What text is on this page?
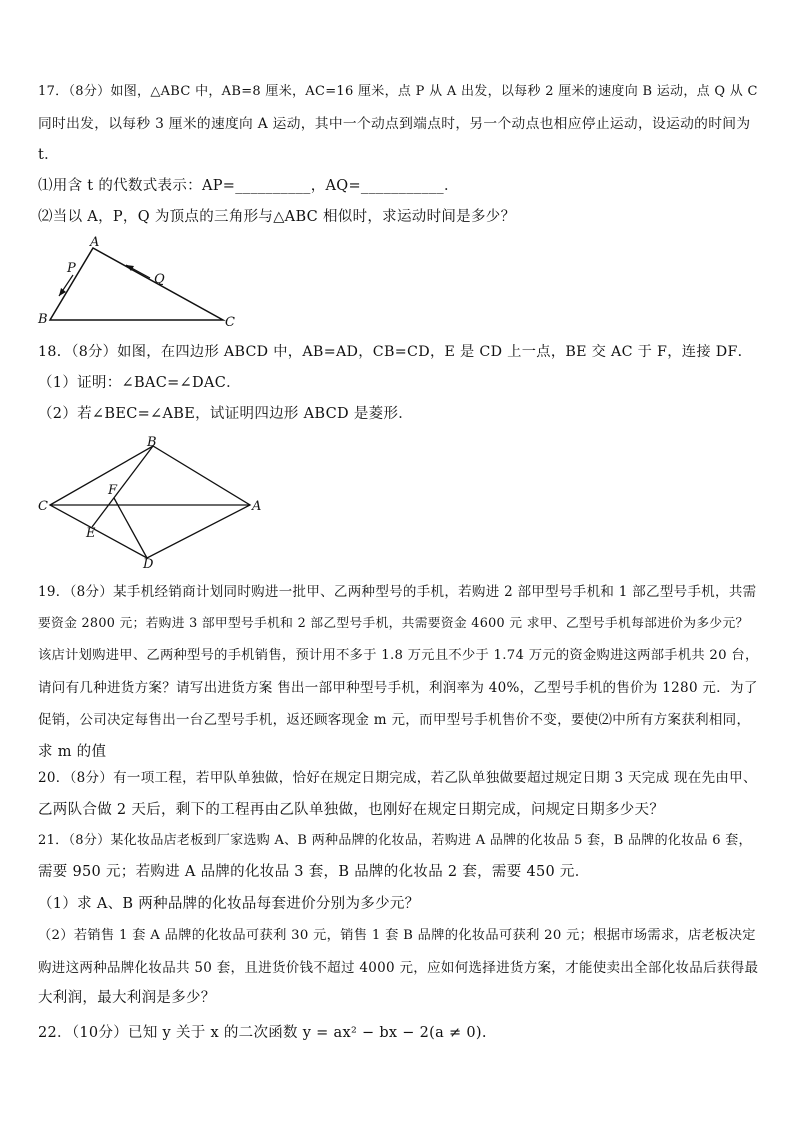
17．（8分）如图，△ABC 中，AB=8 厘米，AC=16 厘米，点 P 从 A 出发，以每秒 2 厘米的速度向 B 运动，点 Q 从 C
同时出发，以每秒 3 厘米的速度向 A 运动，其中一个动点到端点时，另一个动点也相应停止运动，设运动的时间为
t．
⑴用含 t 的代数式表示：AP=__________，AQ=___________．
⑵当以 A，P，Q 为顶点的三角形与△ABC 相似时，求运动时间是多少？
A
B	C
P
Q
18．（8分）如图，在四边形 ABCD 中，AB=AD，CB=CD，E 是 CD 上一点，BE 交 AC 于 F，连接 DF．
（1）证明：∠BAC=∠DAC．
（2）若∠BEC=∠ABE，试证明四边形 ABCD 是菱形．
B
C	A
F
E
D
19．（8分）某手机经销商计划同时购进一批甲、乙两种型号的手机，若购进 2 部甲型号手机和 1 部乙型号手机，共需
要资金 2800 元；若购进 3 部甲型号手机和 2 部乙型号手机，共需要资金 4600 元 求甲、乙型号手机每部进价为多少元？
该店计划购进甲、乙两种型号的手机销售，预计用不多于 1.8 万元且不少于 1.74 万元的资金购进这两部手机共 20 台，
请问有几种进货方案？请写出进货方案 售出一部甲种型号手机，利润率为 40%，乙型号手机的售价为 1280 元．为了
促销，公司决定每售出一台乙型号手机，返还顾客现金 m 元，而甲型号手机售价不变，要使⑵中所有方案获利相同，
求 m 的值
20．（8分）有一项工程，若甲队单独做，恰好在规定日期完成，若乙队单独做要超过规定日期 3 天完成 现在先由甲、
乙两队合做 2 天后，剩下的工程再由乙队单独做，也刚好在规定日期完成，问规定日期多少天？
21．（8分）某化妆品店老板到厂家选购 A、B 两种品牌的化妆品，若购进 A 品牌的化妆品 5 套，B 品牌的化妆品 6 套，
需要 950 元；若购进 A 品牌的化妆品 3 套，B 品牌的化妆品 2 套，需要 450 元．
（1）求 A、B 两种品牌的化妆品每套进价分别为多少元？
（2）若销售 1 套 A 品牌的化妆品可获利 30 元，销售 1 套 B 品牌的化妆品可获利 20 元；根据市场需求，店老板决定
购进这两种品牌化妆品共 50 套，且进货价钱不超过 4000 元，应如何选择进货方案，才能使卖出全部化妆品后获得最
大利润，最大利润是多少？
22．（10分）已知 y 关于 x 的二次函数 y = ax² − bx − 2(a ≠ 0).
